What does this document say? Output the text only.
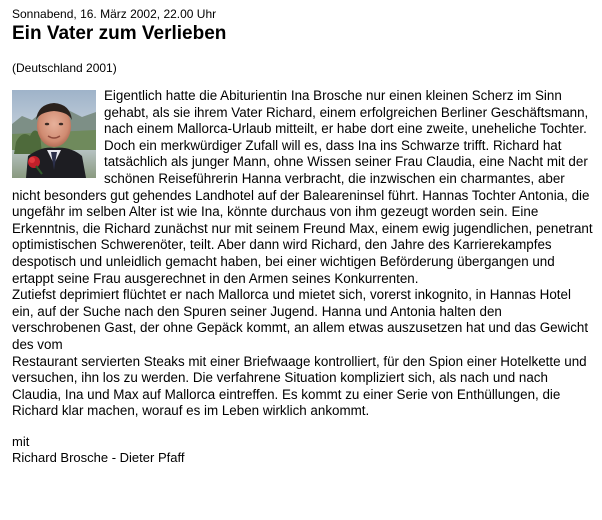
Sonnabend, 16. März 2002, 22.00 Uhr
Ein Vater zum Verlieben
(Deutschland 2001)

Eigentlich hatte die Abiturientin Ina Brosche nur einen kleinen Scherz im Sinn gehabt, als sie ihrem Vater Richard, einem erfolgreichen Berliner Geschäftsmann, nach einem Mallorca-Urlaub mitteilt, er habe dort eine zweite, uneheliche Tochter. Doch ein merkwürdiger Zufall will es, dass Ina ins Schwarze trifft. Richard hat tatsächlich als junger Mann, ohne Wissen seiner Frau Claudia, eine Nacht mit der schönen Reiseführerin Hanna verbracht, die inzwischen ein charmantes, aber nicht besonders gut gehendes Landhotel auf der Baleareninsel führt. Hannas Tochter Antonia, die

ungefähr im selben Alter ist wie Ina, könnte durchaus von ihm gezeugt worden sein. Eine Erkenntnis, die Richard zunächst nur mit seinem Freund Max, einem ewig jugendlichen, penetrant optimistischen Schwerenöter, teilt. Aber dann wird Richard, den Jahre des Karrierekampfes

despotisch und unleidlich gemacht haben, bei einer wichtigen Beförderung übergangen und ertappt seine Frau ausgerechnet in den Armen seines Konkurrenten.

Zutiefst deprimiert flüchtet er nach Mallorca und mietet sich, vorerst inkognito, in Hannas Hotel ein, auf der Suche nach den Spuren seiner Jugend. Hanna und Antonia halten den verschrobenen Gast, der ohne Gepäck kommt, an allem etwas auszusetzen hat und das Gewicht des vom

Restaurant servierten Steaks mit einer Briefwaage kontrolliert, für den Spion einer Hotelkette und versuchen, ihn los zu werden. Die verfahrene Situation kompliziert sich, als nach und nach Claudia, Ina und Max auf Mallorca eintreffen. Es kommt zu einer Serie von Enthüllungen, die Richard klar machen, worauf es im Leben wirklich ankommt.

mit
Richard Brosche - Dieter Pfaff
